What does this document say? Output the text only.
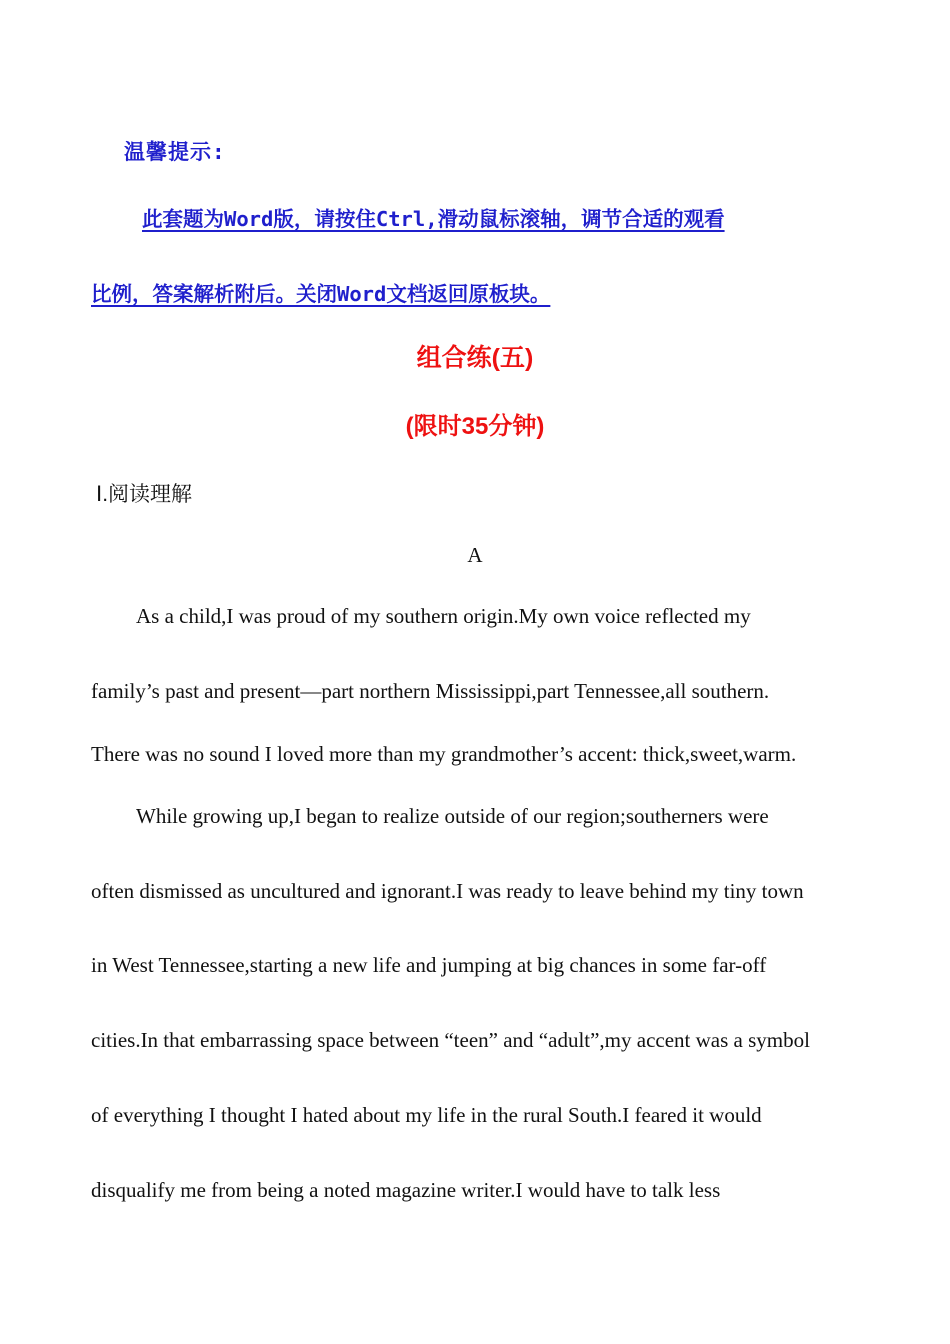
温馨提示:
此套题为Word版，请按住Ctrl,滑动鼠标滚轴，调节合适的观看
比例，答案解析附后。关闭Word文档返回原板块。
组合练(五)
(限时35分钟)
Ⅰ.阅读理解
A

As a child,I was proud of my southern origin.My own voice reflected my

family’s past and present—part northern Mississippi,part Tennessee,all southern.

There was no sound I loved more than my grandmother’s accent: thick,sweet,warm.

While growing up,I began to realize outside of our region;southerners were

often dismissed as uncultured and ignorant.I was ready to leave behind my tiny town

in West Tennessee,starting a new life and jumping at big chances in some far-off

cities.In that embarrassing space between “teen” and “adult”,my accent was a symbol

of everything I thought I hated about my life in the rural South.I feared it would

disqualify me from being a noted magazine writer.I would have to talk less
